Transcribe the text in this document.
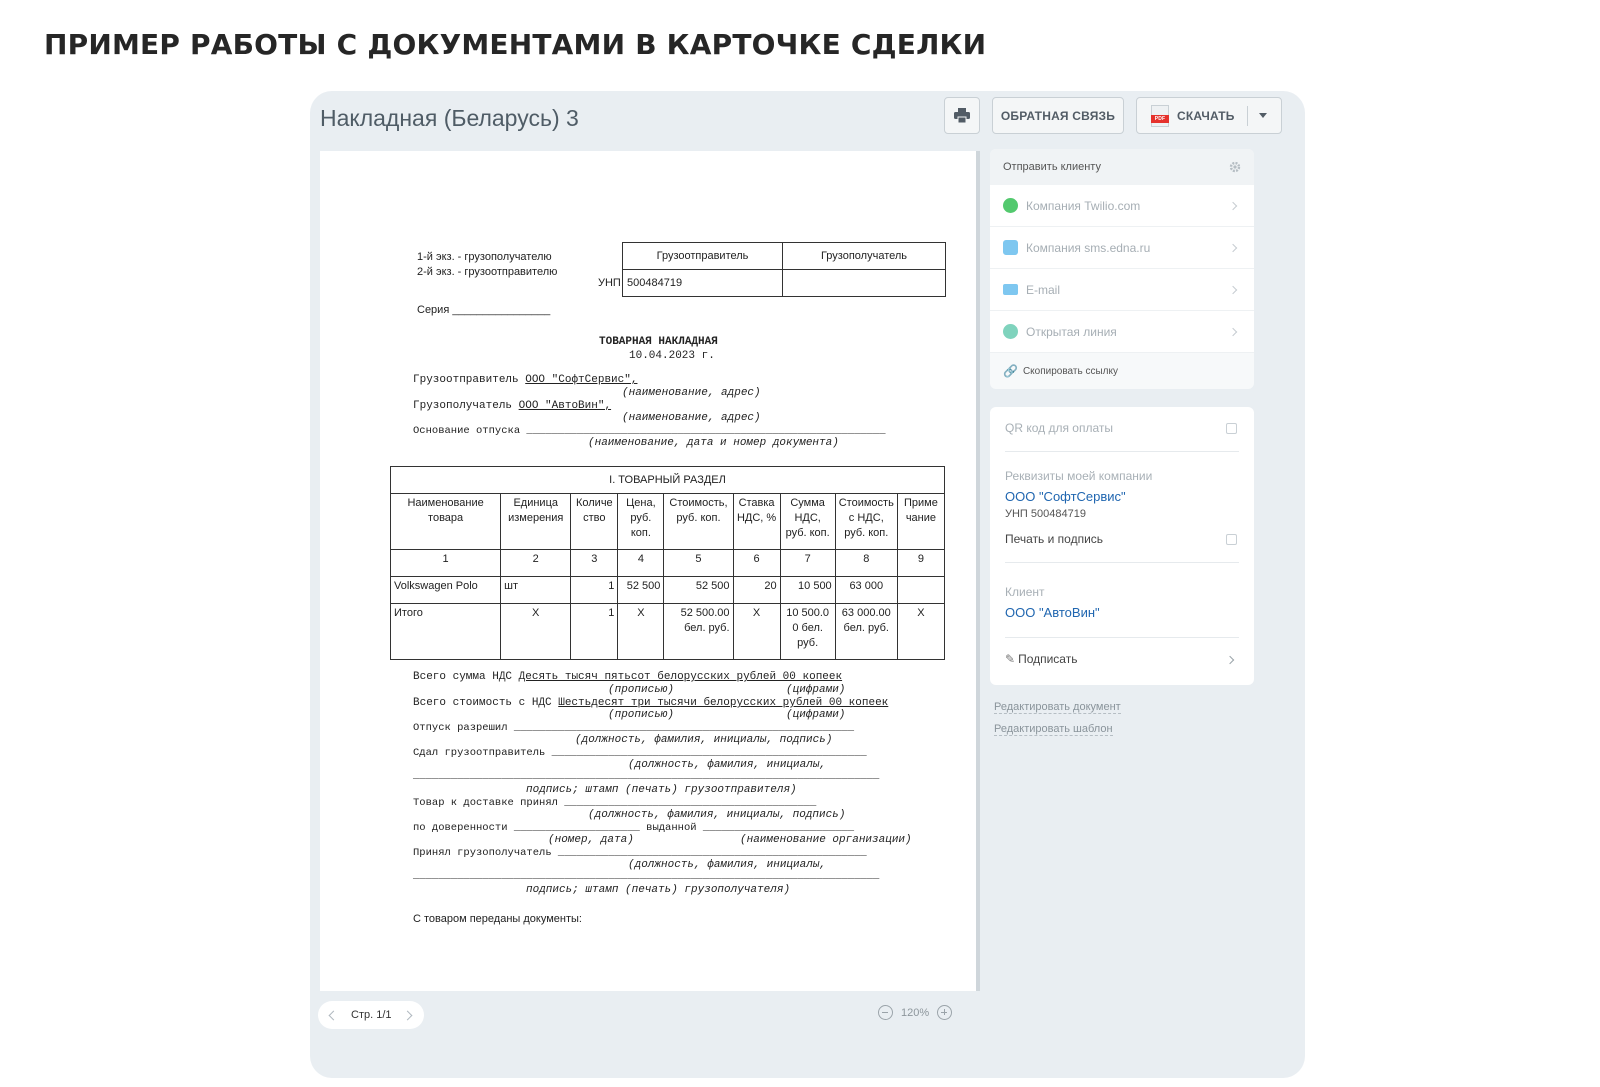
ПРИМЕР РАБОТЫ С ДОКУМЕНТАМИ В КАРТОЧКЕ СДЕЛКИ
Накладная (Беларусь) 3	ОБРАТНАЯ СВЯЗЬ	PDF СКАЧАТЬ
1-й экз. - грузополучателю
2-й экз. - грузоотправителю
УНП
Грузоотправитель	Грузополучатель
500484719	
Серия ________________
ТОВАРНАЯ НАКЛАДНАЯ
10.04.2023 г.
Грузоотправитель ООО "СофтСервис",
(наименование, адрес)
Грузополучатель ООО "АвтоВин",
(наименование, адрес)
Основание отпуска _________________________________________________________
(наименование, дата и номер документа)
I. ТОВАРНЫЙ РАЗДЕЛ								
Наименование товара	Единица измерения	Количе ство	Цена, руб. коп.	Стоимость, руб. коп.	Ставка НДС, %	Сумма НДС, руб. коп.	Стоимость с НДС, руб. коп.	Приме чание
1	2	3	4	5	6	7	8	9
Volkswagen Polo	шт	1	52 500	52 500	20	10 500	63 000	
Итого	X	1	X	52 500.00 бел. руб.	X	10 500.0 0 бел. руб.	63 000.00 бел. руб.	X
Всего сумма НДС Десять тысяч пятьсот белорусских рублей 00 копеек
(прописью)	(цифрами)
Всего стоимость с НДС Шестьдесят три тысячи белорусских рублей 00 копеек
(прописью)	(цифрами)
Отпуск разрешил ______________________________________________________
(должность, фамилия, инициалы, подпись)
Сдал грузоотправитель __________________________________________________
(должность, фамилия, инициалы,
__________________________________________________________________________
подпись; штамп (печать) грузоотправителя)
Товар к доставке принял ________________________________________
(должность, фамилия, инициалы, подпись)
по доверенности ____________________ выданной ________________________
(номер, дата)	(наименование организации)
Принял грузополучатель _________________________________________________
(должность, фамилия, инициалы,
__________________________________________________________________________
подпись; штамп (печать) грузополучателя)
С товаром переданы документы:
Стр. 1/1	120%
Отправить клиенту
Компания Twilio.com
Компания sms.edna.ru
E-mail
Открытая линия
🔗 Скопировать ссылку
QR код для оплаты
Реквизиты моей компании
ООО "СофтСервис"
УНП 500484719
Печать и подпись
Клиент
ООО "АвтоВин"
✎ Подписать
Редактировать документ
Редактировать шаблон
